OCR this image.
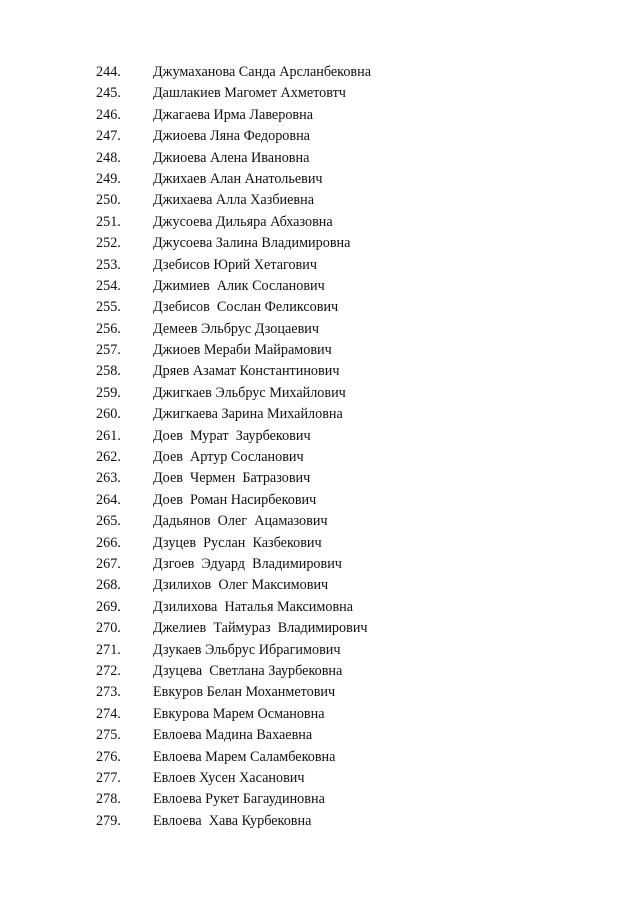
244.	Джумаханова Санда Арсланбековна
245.	Дашлакиев Магомет Ахметовтч
246.	Джагаева Ирма Лаверовна
247.	Джиоева Ляна Федоровна
248.	Джиоева Алена Ивановна
249.	Джихаев Алан Анатольевич
250.	Джихаева Алла Хазбиевна
251.	Джусоева Дильяра Абхазовна
252.	Джусоева Залина Владимировна
253.	Дзебисов Юрий Хетагович
254.	Джимиев  Алик Сосланович
255.	Дзебисов  Сослан Феликсович
256.	Демеев Эльбрус Дзоцаевич
257.	Джиоев Мераби Майрамович
258.	Дряев Азамат Константинович
259.	Джигкаев Эльбрус Михайлович
260.	Джигкаева Зарина Михайловна
261.	Доев  Мурат  Заурбекович
262.	Доев  Артур Сосланович
263.	Доев  Чермен  Батразович
264.	Доев  Роман Насирбекович
265.	Дадьянов  Олег  Ацамазович
266.	Дзуцев  Руслан  Казбекович
267.	Дзгоев  Эдуард  Владимирович
268.	Дзилихов  Олег Максимович
269.	Дзилихова  Наталья Максимовна
270.	Джелиев  Таймураз  Владимирович
271.	Дзукаев Эльбрус Ибрагимович
272.	Дзуцева  Светлана Заурбековна
273.	Евкуров Белан Моханметович
274.	Евкурова Марем Османовна
275.	Евлоева Мадина Вахаевна
276.	Евлоева Марем Саламбековна
277.	Евлоев Хусен Хасанович
278.	Евлоева Рукет Багаудиновна
279.	Евлоева  Хава Курбековна
